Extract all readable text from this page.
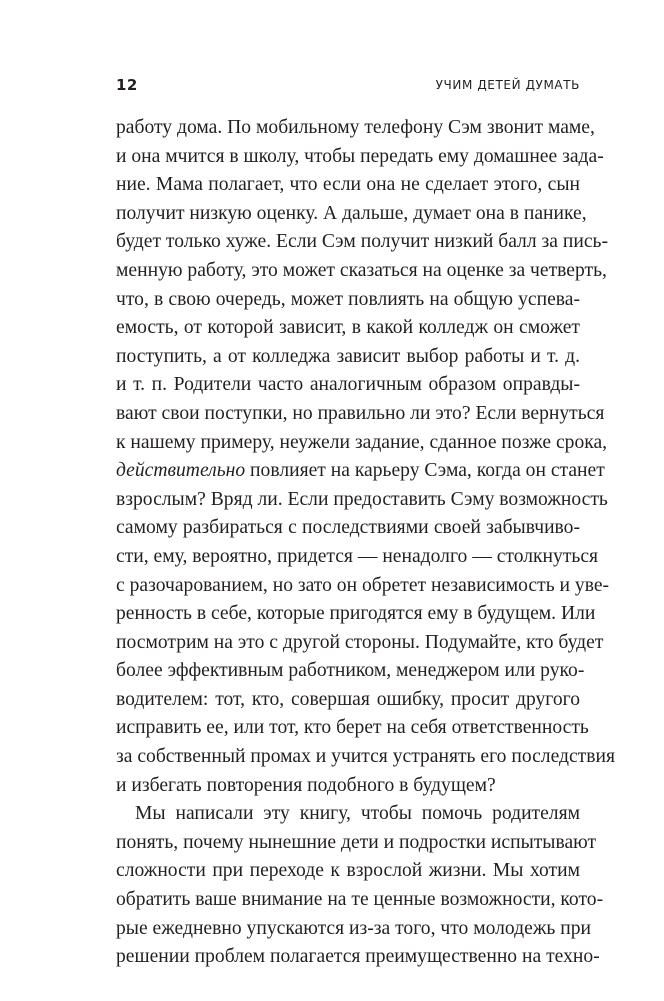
12	УЧИМ ДЕТЕЙ ДУМАТЬ
работу дома. По мобильному телефону Сэм звонит маме,
и она мчится в школу, чтобы передать ему домашнее зада-
ние. Мама полагает, что если она не сделает этого, сын
получит низкую оценку. А дальше, думает она в панике,
будет только хуже. Если Сэм получит низкий балл за пись-
менную работу, это может сказаться на оценке за четверть,
что, в свою очередь, может повлиять на общую успева-
емость, от которой зависит, в какой колледж он сможет
поступить, а от колледжа зависит выбор работы и т. д.
и т. п. Родители часто аналогичным образом оправды-
вают свои поступки, но правильно ли это? Если вернуться
к нашему примеру, неужели задание, сданное позже срока,
действительно повлияет на карьеру Сэма, когда он станет
взрослым? Вряд ли. Если предоставить Сэму возможность
самому разбираться с последствиями своей забывчиво-
сти, ему, вероятно, придется — ненадолго — столкнуться
с разочарованием, но зато он обретет независимость и уве-
ренность в себе, которые пригодятся ему в будущем. Или
посмотрим на это с другой стороны. Подумайте, кто будет
более эффективным работником, менеджером или руко-
водителем: тот, кто, совершая ошибку, просит другого
исправить ее, или тот, кто берет на себя ответственность
за собственный промах и учится устранять его последствия
и избегать повторения подобного в будущем?
Мы написали эту книгу, чтобы помочь родителям
понять, почему нынешние дети и подростки испытывают
сложности при переходе к взрослой жизни. Мы хотим
обратить ваше внимание на те ценные возможности, кото-
рые ежедневно упускаются из-за того, что молодежь при
решении проблем полагается преимущественно на техно-
